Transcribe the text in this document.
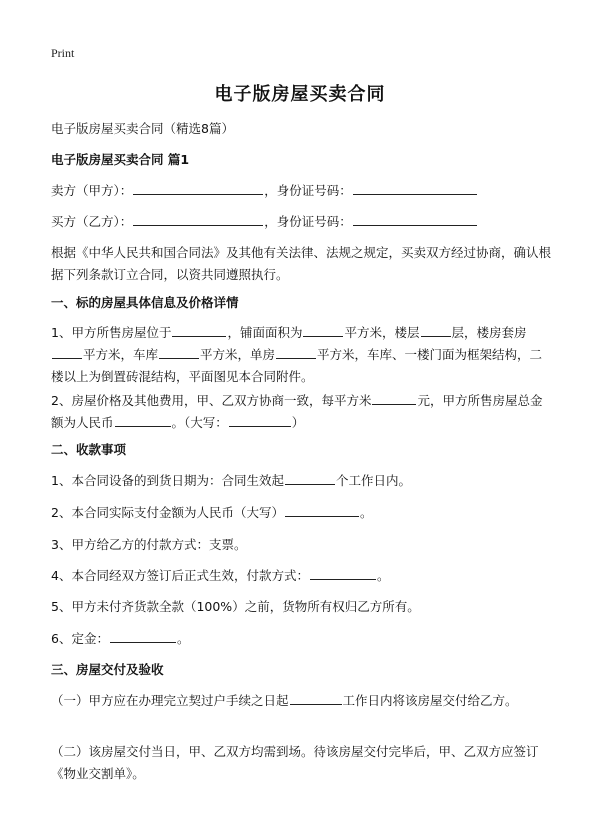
Print
电子版房屋买卖合同
电子版房屋买卖合同（精选8篇）
电子版房屋买卖合同 篇1
卖方（甲方）：	，身份证号码：
买方（乙方）：	，身份证号码：
根据《中华人民共和国合同法》及其他有关法律、法规之规定，买卖双方经过协商，确认根据下列条款订立合同，以资共同遵照执行。
一、标的房屋具体信息及价格详情
1、甲方所售房屋位于	，铺面面积为	平方米，楼层	层，楼房套房平方米，车库	平方米，单房	平方米，车库、一楼门面为框架结构，二楼以上为倒置砖混结构，平面图见本合同附件。
2、房屋价格及其他费用，甲、乙双方协商一致，每平方米	元，甲方所售房屋总金额为人民币	。（大写：	）
二、收款事项
1、本合同设备的到货日期为：合同生效起	个工作日内。
2、本合同实际支付金额为人民币（大写）	。
3、甲方给乙方的付款方式：支票。
4、本合同经双方签订后正式生效，付款方式：	。
5、甲方未付齐货款全款（100%）之前，货物所有权归乙方所有。
6、定金：	。
三、房屋交付及验收
（一）甲方应在办理完立契过户手续之日起	工作日内将该房屋交付给乙方。
（二）该房屋交付当日，甲、乙双方均需到场。待该房屋交付完毕后，甲、乙双方应签订《物业交割单》。
